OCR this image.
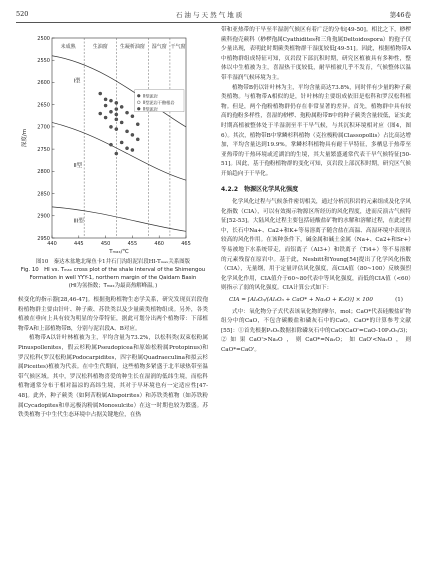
520	石 油 与 天 然 气 地 质	第46卷
未成熟	生油窗 生凝析油窗 湿气窗 干气窗
I型
II型
III型
II型泥岩
II型泥岩干酪根岩
II型泥岩
2500
2550
2600
2650
2700
2750
2800
2850
2900
2950
440	445	450	455	460	465
Tₘₐₓ/℃
深度/m
图10　秦达木盆地北缘鱼卡1井石门沟组泥岩段HI-Tₘₐₓ关系图版
Fig. 10　HI vs. Tₘₐₓ cross plot of the shale interval of the Shimengou Formation in well YYY-1, northern margin of the Qaidam Basin
(HI为氢指数；Tₘₐₓ为最高热解峰温。)

候变化的指示器[28,46-47]。根据孢粉植物生态学关系，研究发现页岩段孢粉植物群主要由针叶、种子蕨、苏铁类以及少量蕨类植物组成。另外，各类植被在垂向上具有较为明显的分带特征，据此可划分出两个植物带：下部植物带A和上部植物带B，分别与泥岩段A、B对应。

植物带A以针叶林植被为主，平均含量为73.2%，以松科类(双束松粉属Pinuspollenites，假云杉粉属Pseudopicea和原始松粉属Protopinus)和罗汉松科(罗汉松粉属Podocarpidites，四字粉属Quadraeculina和拟云杉属Piceites)植被为代表。在中生代期间，这些植物多紧盛于北半球热带至温带气候区域。其中，罗汉松科植物喜爱的种生长在湿润的低纬生境，而松科植物通常分布于相对温凉的高纬生境，其对于早环境也有一定适应性[47-48]。此外，种子蕨类（如阿苦粉属Alispoirites）和苏铁类植物（如苏铁粉属Cycadopites和单远极沟粉属Monosulcite）在这一时期也较为繁盛。苏铁类植物于中生代生态环境中占据关键地位，在热

带和亚热带的干旱至半湿润气候区有着广泛的分布[49-50]。相比之下，桫椤蕨科孢壳蕨科（桫椤孢属Cyathidites和三角孢属Deltoidospora）的孢子仅少量出现，表明此时期蕨类植物群干湿度较低[49-51]。因此，根据植物带A中植物群组成特征可知，页岩段下部沉积时期，研究区植被具有多种性，整体以中生植被为主，喜湿热干度较低，耐旱植被几乎不发育，气候整体以温带半湿润气候环境为主。

植物带B仍以针叶林为主，平均含量高达73.8%，同时伴有少量的种子蕨类植物。与植物带A相似的是，针叶林的主要组成依旧是松科和罗汉松科植物。但是，两个孢粉植物群仍存在非常显著的差异。首先，植物群中具有较高的孢粉多样性，喜湿的桫椤、孢粉属粉带B中的种子蕨类含量较低，证实此时期高植被整体处于半湿润至半干旱气候，与其沉积环境相对应（图4，图6）。其次，植物带B中掌鳞杉科植物（克拉梭粉属Classopollis）占比高达增加，平均含量达到19.9%。掌鳞杉科植物具有耐干旱特征，多栖息于热带至亚热带的干热环境或近湖泊的生境，其大量繁盛通常代表干旱气候特征[50-51]。因此，基于孢粉植物群的变化可知，页岩段上部沉积时期，研究区气候开始趋向于干旱化。

4.2.2　物源区化学风化强度

化学风化过程与气候条件密切相关，通过分析沉积岩的元素组成及化学风化指数（CIA），可以有效揭示物源区所经历的风化程度，进而反演古气候特征[52-53]。大陆风化过程主要包括硅酸盐矿物的水解和溶解过程，在此过程中，长石中Na+、Ca2+和K+等易溶离子随含盐在高温、高湿环境中表现出较高的风化作用。在该种条件下，碱金属和碱土金属（Na+、Ca2+和Sr+）等易被地下水系统带走，而铝离子（Al3+）和铁离子（Ti4+）等不易溶解的元素残留在原岩中。基于此，Nesbitt和Young[54]提出了化学风化指数（CIA），无量纲，用于定量评估风化强度，高CIA值（80~100）反映强烈化学风化作用，CIA值介于60~80代表中等风化强度，而低的CIA值（<60）则指示了弱的风化强度。CIA计算公式如下：

CIA = [Al₂O₃/(Al₂O₃ + CaO* + Na₂O + K₂O)] × 100	(1)

式中：氧化物分子式代表该氧化物的摩尔，mol；CaO*代表硅酸盐矿物组分中的CaO，不包含碳酸盐和磷灰石中的CaO。CaO*的计算参考文献[55]：①首先根据P₂O₅数据扣除磷灰石中的CaO(CaO'=CaO-10P₂O₅/3)；②如果CaO'>Na₂O，则CaO*=Na₂O；如CaO'<Na₂O，则CaO*=CaO'。
